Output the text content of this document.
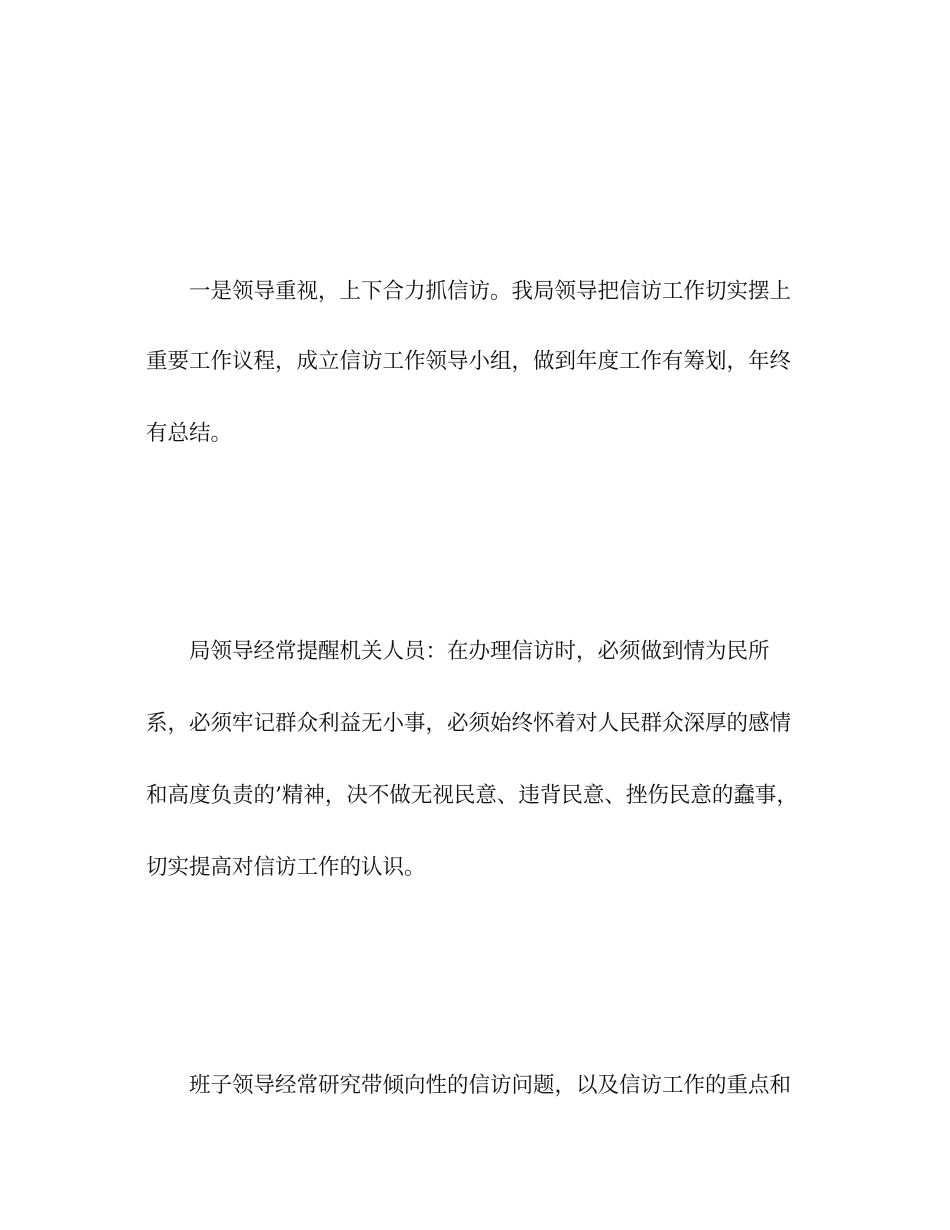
一是领导重视，上下合力抓信访。我局领导把信访工作切实摆上
重要工作议程，成立信访工作领导小组，做到年度工作有筹划，年终
有总结。
局领导经常提醒机关人员：在办理信访时，必须做到情为民所
系，必须牢记群众利益无小事，必须始终怀着对人民群众深厚的感情
和高度负责的’精神，决不做无视民意、违背民意、挫伤民意的蠢事，
切实提高对信访工作的认识。
班子领导经常研究带倾向性的信访问题，以及信访工作的重点和
